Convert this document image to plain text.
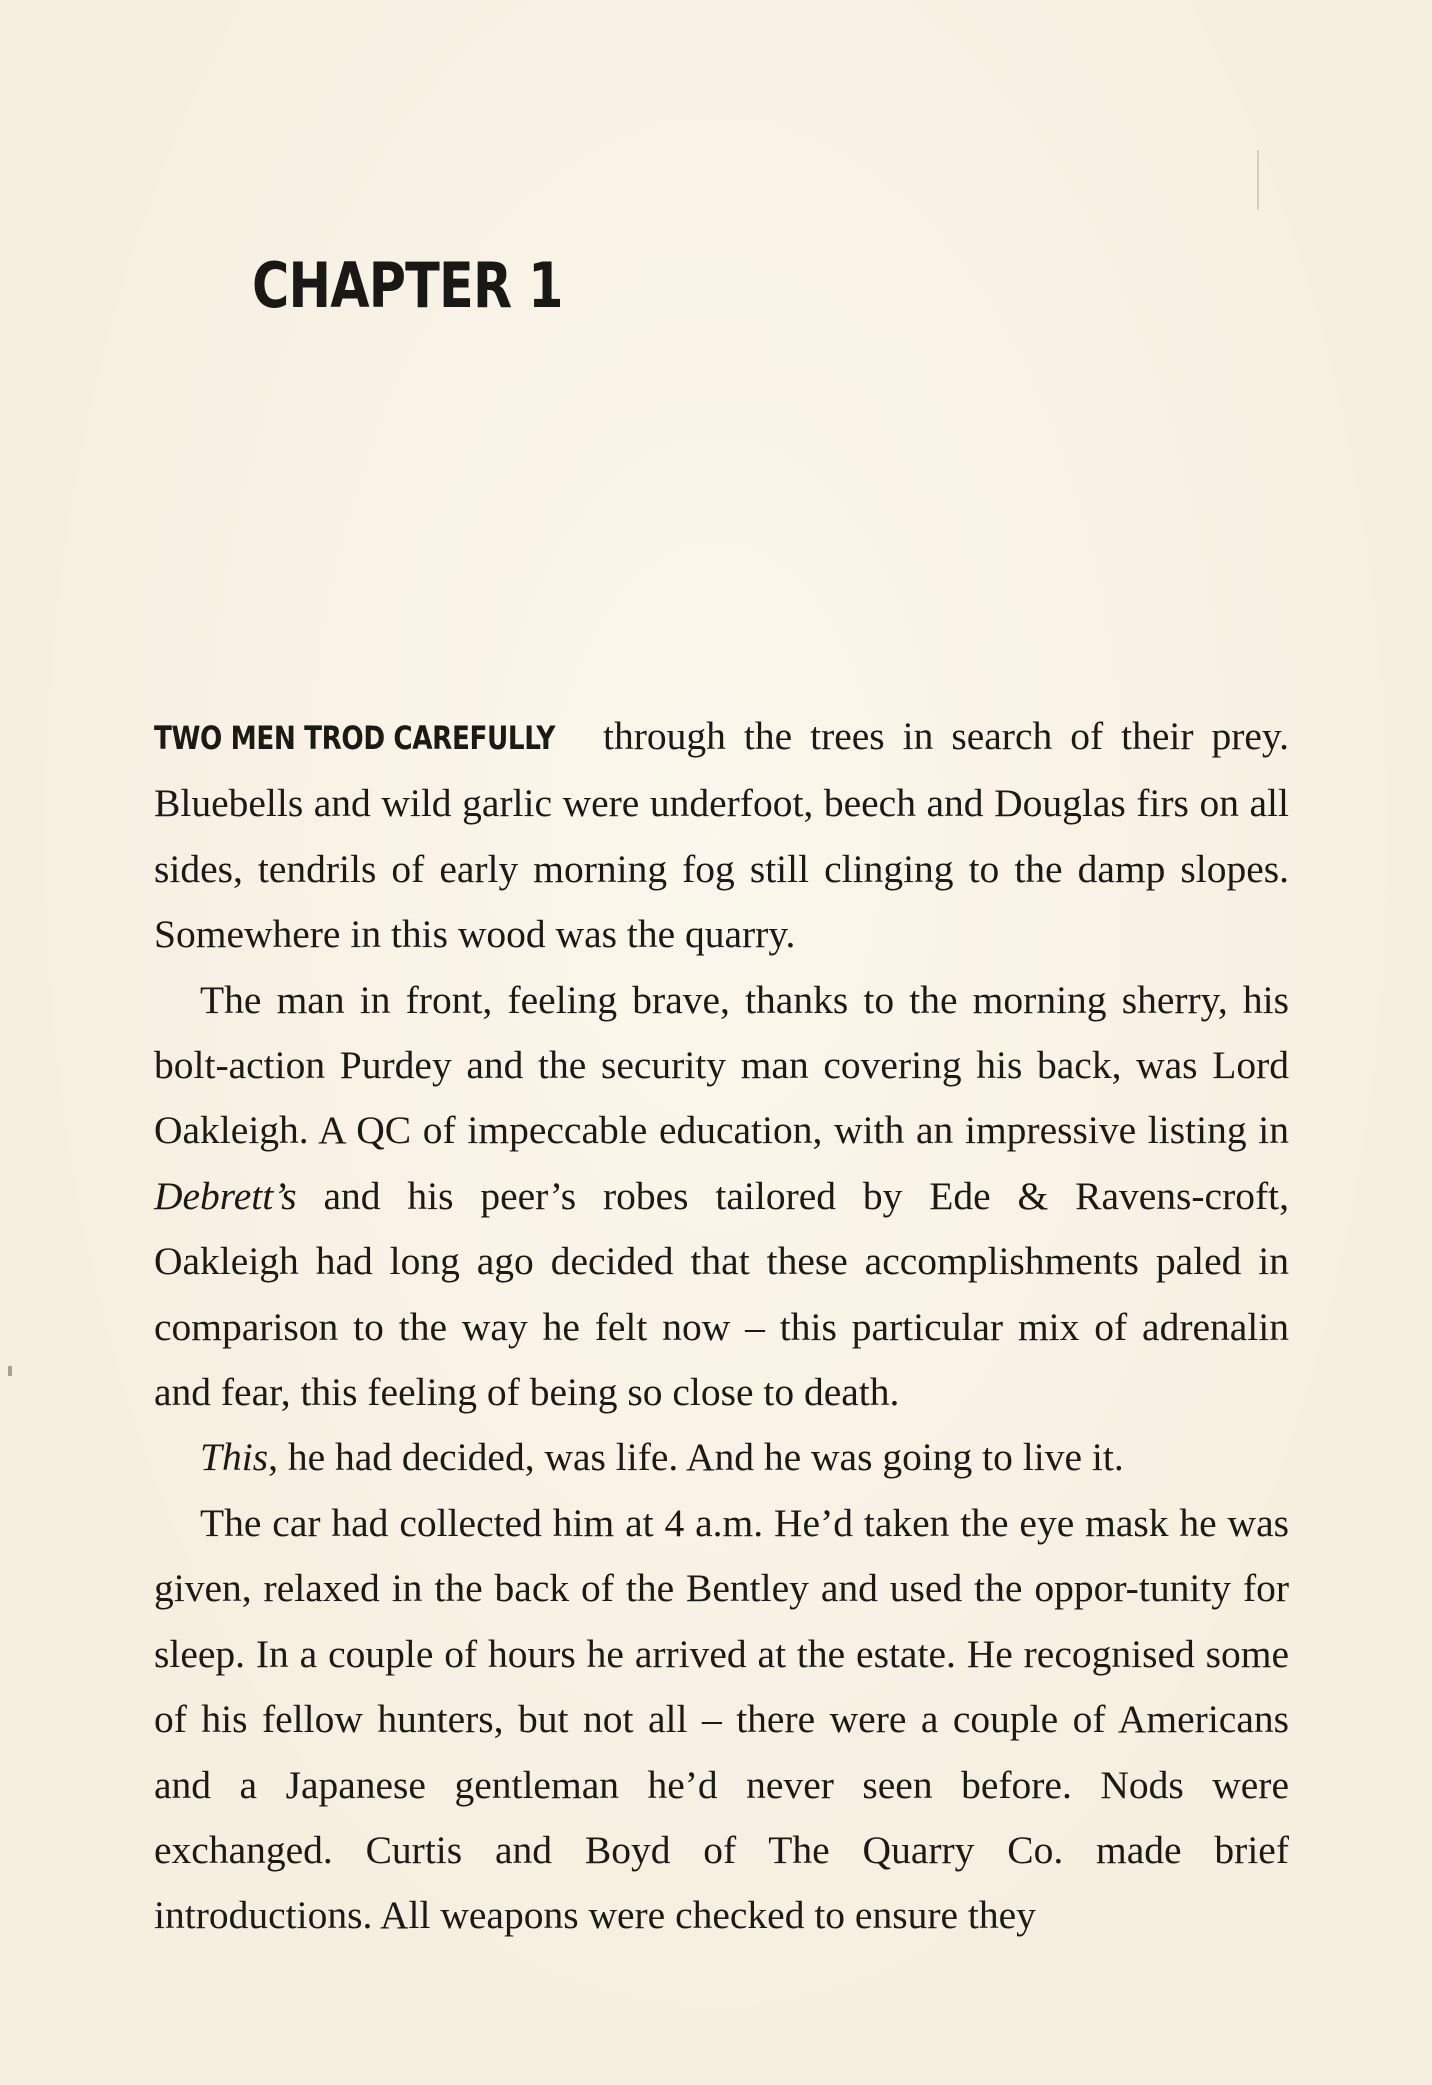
CHAPTER 1

TWO MEN TROD CAREFULLY through the trees in search of their prey. Bluebells and wild garlic were underfoot, beech and Douglas firs on all sides, tendrils of early morning fog still clinging to the damp slopes. Somewhere in this wood was the quarry.

The man in front, feeling brave, thanks to the morning sherry, his bolt-action Purdey and the security man covering his back, was Lord Oakleigh. A QC of impeccable education, with an impressive listing in Debrett’s and his peer’s robes tailored by Ede & Ravens-croft, Oakleigh had long ago decided that these accomplishments paled in comparison to the way he felt now – this particular mix of adrenalin and fear, this feeling of being so close to death.

This, he had decided, was life. And he was going to live it.

The car had collected him at 4 a.m. He’d taken the eye mask he was given, relaxed in the back of the Bentley and used the oppor-tunity for sleep. In a couple of hours he arrived at the estate. He recognised some of his fellow hunters, but not all – there were a couple of Americans and a Japanese gentleman he’d never seen before. Nods were exchanged. Curtis and Boyd of The Quarry Co. made brief introductions. All weapons were checked to ensure they
